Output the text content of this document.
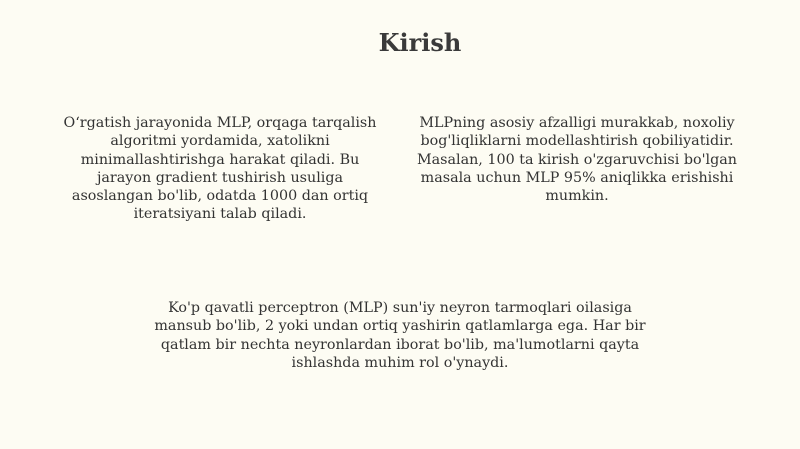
Kirish

O‘rgatish jarayonida MLP, orqaga tarqalish algoritmi yordamida, xatolikni minimallashtirishga harakat qiladi. Bu jarayon gradient tushirish usuliga asoslangan bo'lib, odatda 1000 dan ortiq iteratsiyani talab qiladi.

MLPning asosiy afzalligi murakkab, noxoliy bog'liqliklarni modellashtirish qobiliyatidir. Masalan, 100 ta kirish o'zgaruvchisi bo'lgan masala uchun MLP 95% aniqlikka erishishi mumkin.

Ko'p qavatli perceptron (MLP) sun'iy neyron tarmoqlari oilasiga mansub bo'lib, 2 yoki undan ortiq yashirin qatlamlarga ega. Har bir qatlam bir nechta neyronlardan iborat bo'lib, ma'lumotlarni qayta ishlashda muhim rol o'ynaydi.
